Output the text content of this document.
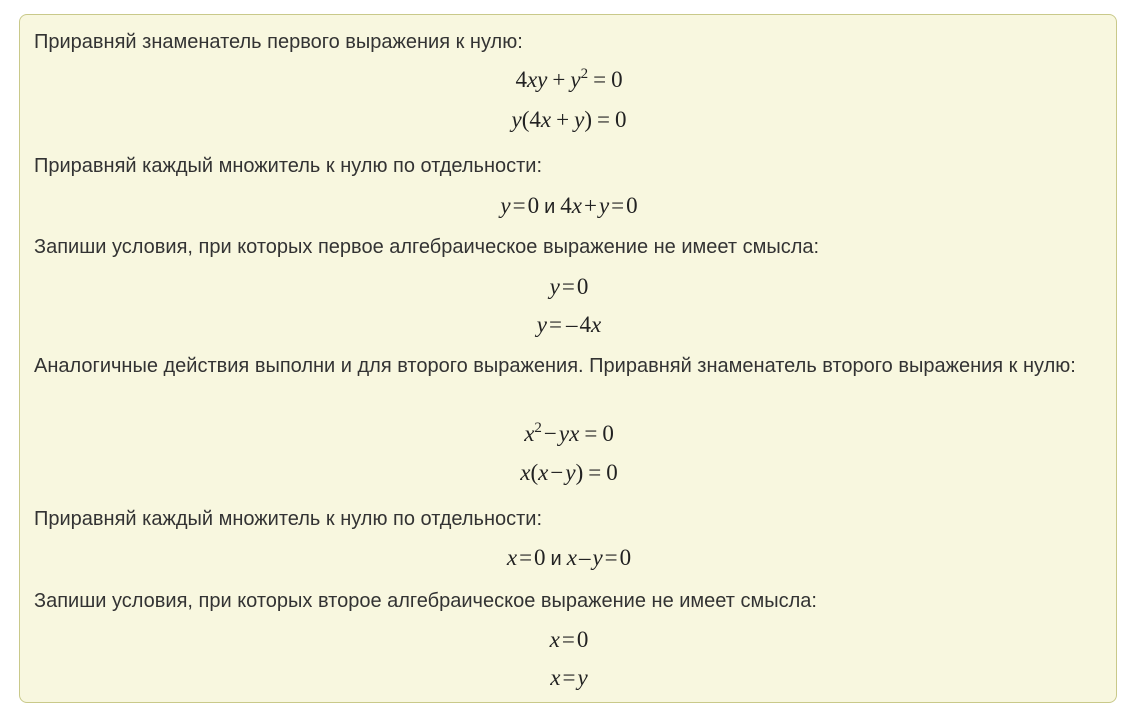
Приравняй знаменатель первого выражения к нулю:

$4xy + y^2 = 0$
y(4x + y) = 0

Приравняй каждый множитель к нулю по отдельности:

y=0 и 4x+y=0

Запиши условия, при которых первое алгебраическое выражение не имеет смысла:

y=0
y= –4x

Аналогичные действия выполни и для второго выражения. Приравняй знаменатель второго выражения к нулю:

$x^2-yx = 0$
x(x−y) = 0

Приравняй каждый множитель к нулю по отдельности:

x=0 и x–y=0

Запиши условия, при которых второе алгебраическое выражение не имеет смысла:

x=0
x=y
